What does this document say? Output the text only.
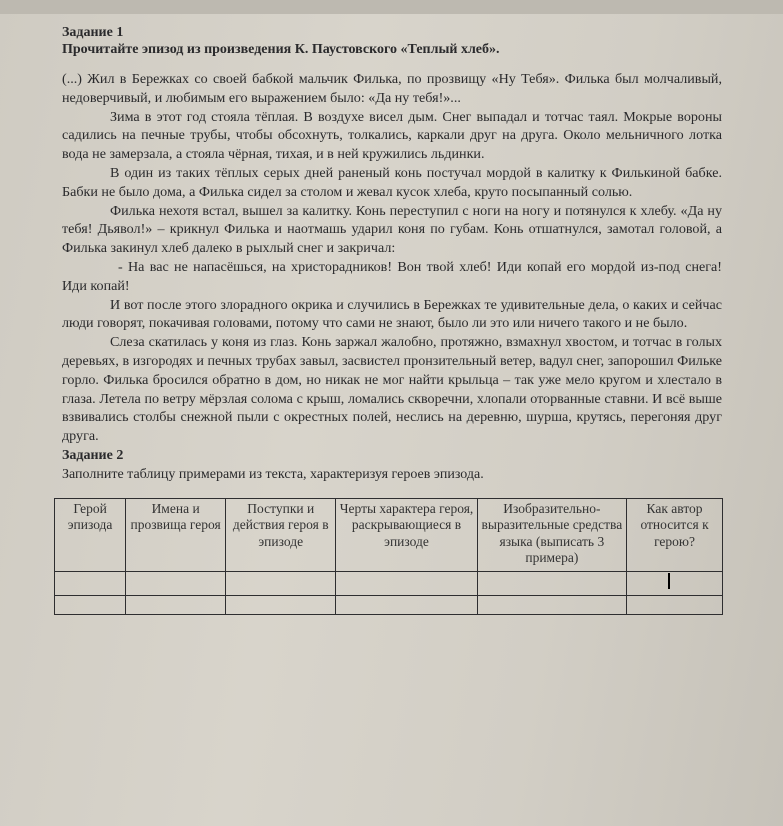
Задание 1

Прочитайте эпизод из произведения К. Паустовского «Теплый хлеб».

(...) Жил в Бережках со своей бабкой мальчик Филька, по прозвищу «Ну Тебя». Филька был молчаливый, недоверчивый, и любимым его выражением было: «Да ну тебя!»...

Зима в этот год стояла тёплая. В воздухе висел дым. Снег выпадал и тотчас таял. Мокрые вороны садились на печные трубы, чтобы обсохнуть, толкались, каркали друг на друга. Около мельничного лотка вода не замерзала, а стояла чёрная, тихая, и в ней кружились льдинки.

В один из таких тёплых серых дней раненый конь постучал мордой в калитку к Филькиной бабке. Бабки не было дома, а Филька сидел за столом и жевал кусок хлеба, круто посыпанный солью.

Филька нехотя встал, вышел за калитку. Конь переступил с ноги на ногу и потянулся к хлебу. «Да ну тебя! Дьявол!» – крикнул Филька и наотмашь ударил коня по губам. Конь отшатнулся, замотал головой, а Филька закинул хлеб далеко в рыхлый снег и закричал:

- На вас не напасёшься, на христорадников! Вон твой хлеб! Иди копай его мордой из-под снега! Иди копай!

И вот после этого злорадного окрика и случились в Бережках те удивительные дела, о каких и сейчас люди говорят, покачивая головами, потому что сами не знают, было ли это или ничего такого и не было.

Слеза скатилась у коня из глаз. Конь заржал жалобно, протяжно, взмахнул хвостом, и тотчас в голых деревьях, в изгородях и печных трубах завыл, засвистел пронзительный ветер, вадул снег, запорошил Фильке горло. Филька бросился обратно в дом, но никак не мог найти крыльца – так уже мело кругом и хлестало в глаза. Летела по ветру мёрзлая солома с крыш, ломались скворечни, хлопали оторванные ставни. И всё выше взвивались столбы снежной пыли с окрестных полей, неслись на деревню, шурша, крутясь, перегоняя друг друга.

Задание 2

Заполните таблицу примерами из текста, характеризуя героев эпизода.

Герой эпизода	Имена и прозвища героя	Поступки и действия героя в эпизоде	Черты характера героя, раскрывающиеся в эпизоде	Изобразительно-выразительные средства языка (выписать 3 примера)	Как автор относится к герою?
